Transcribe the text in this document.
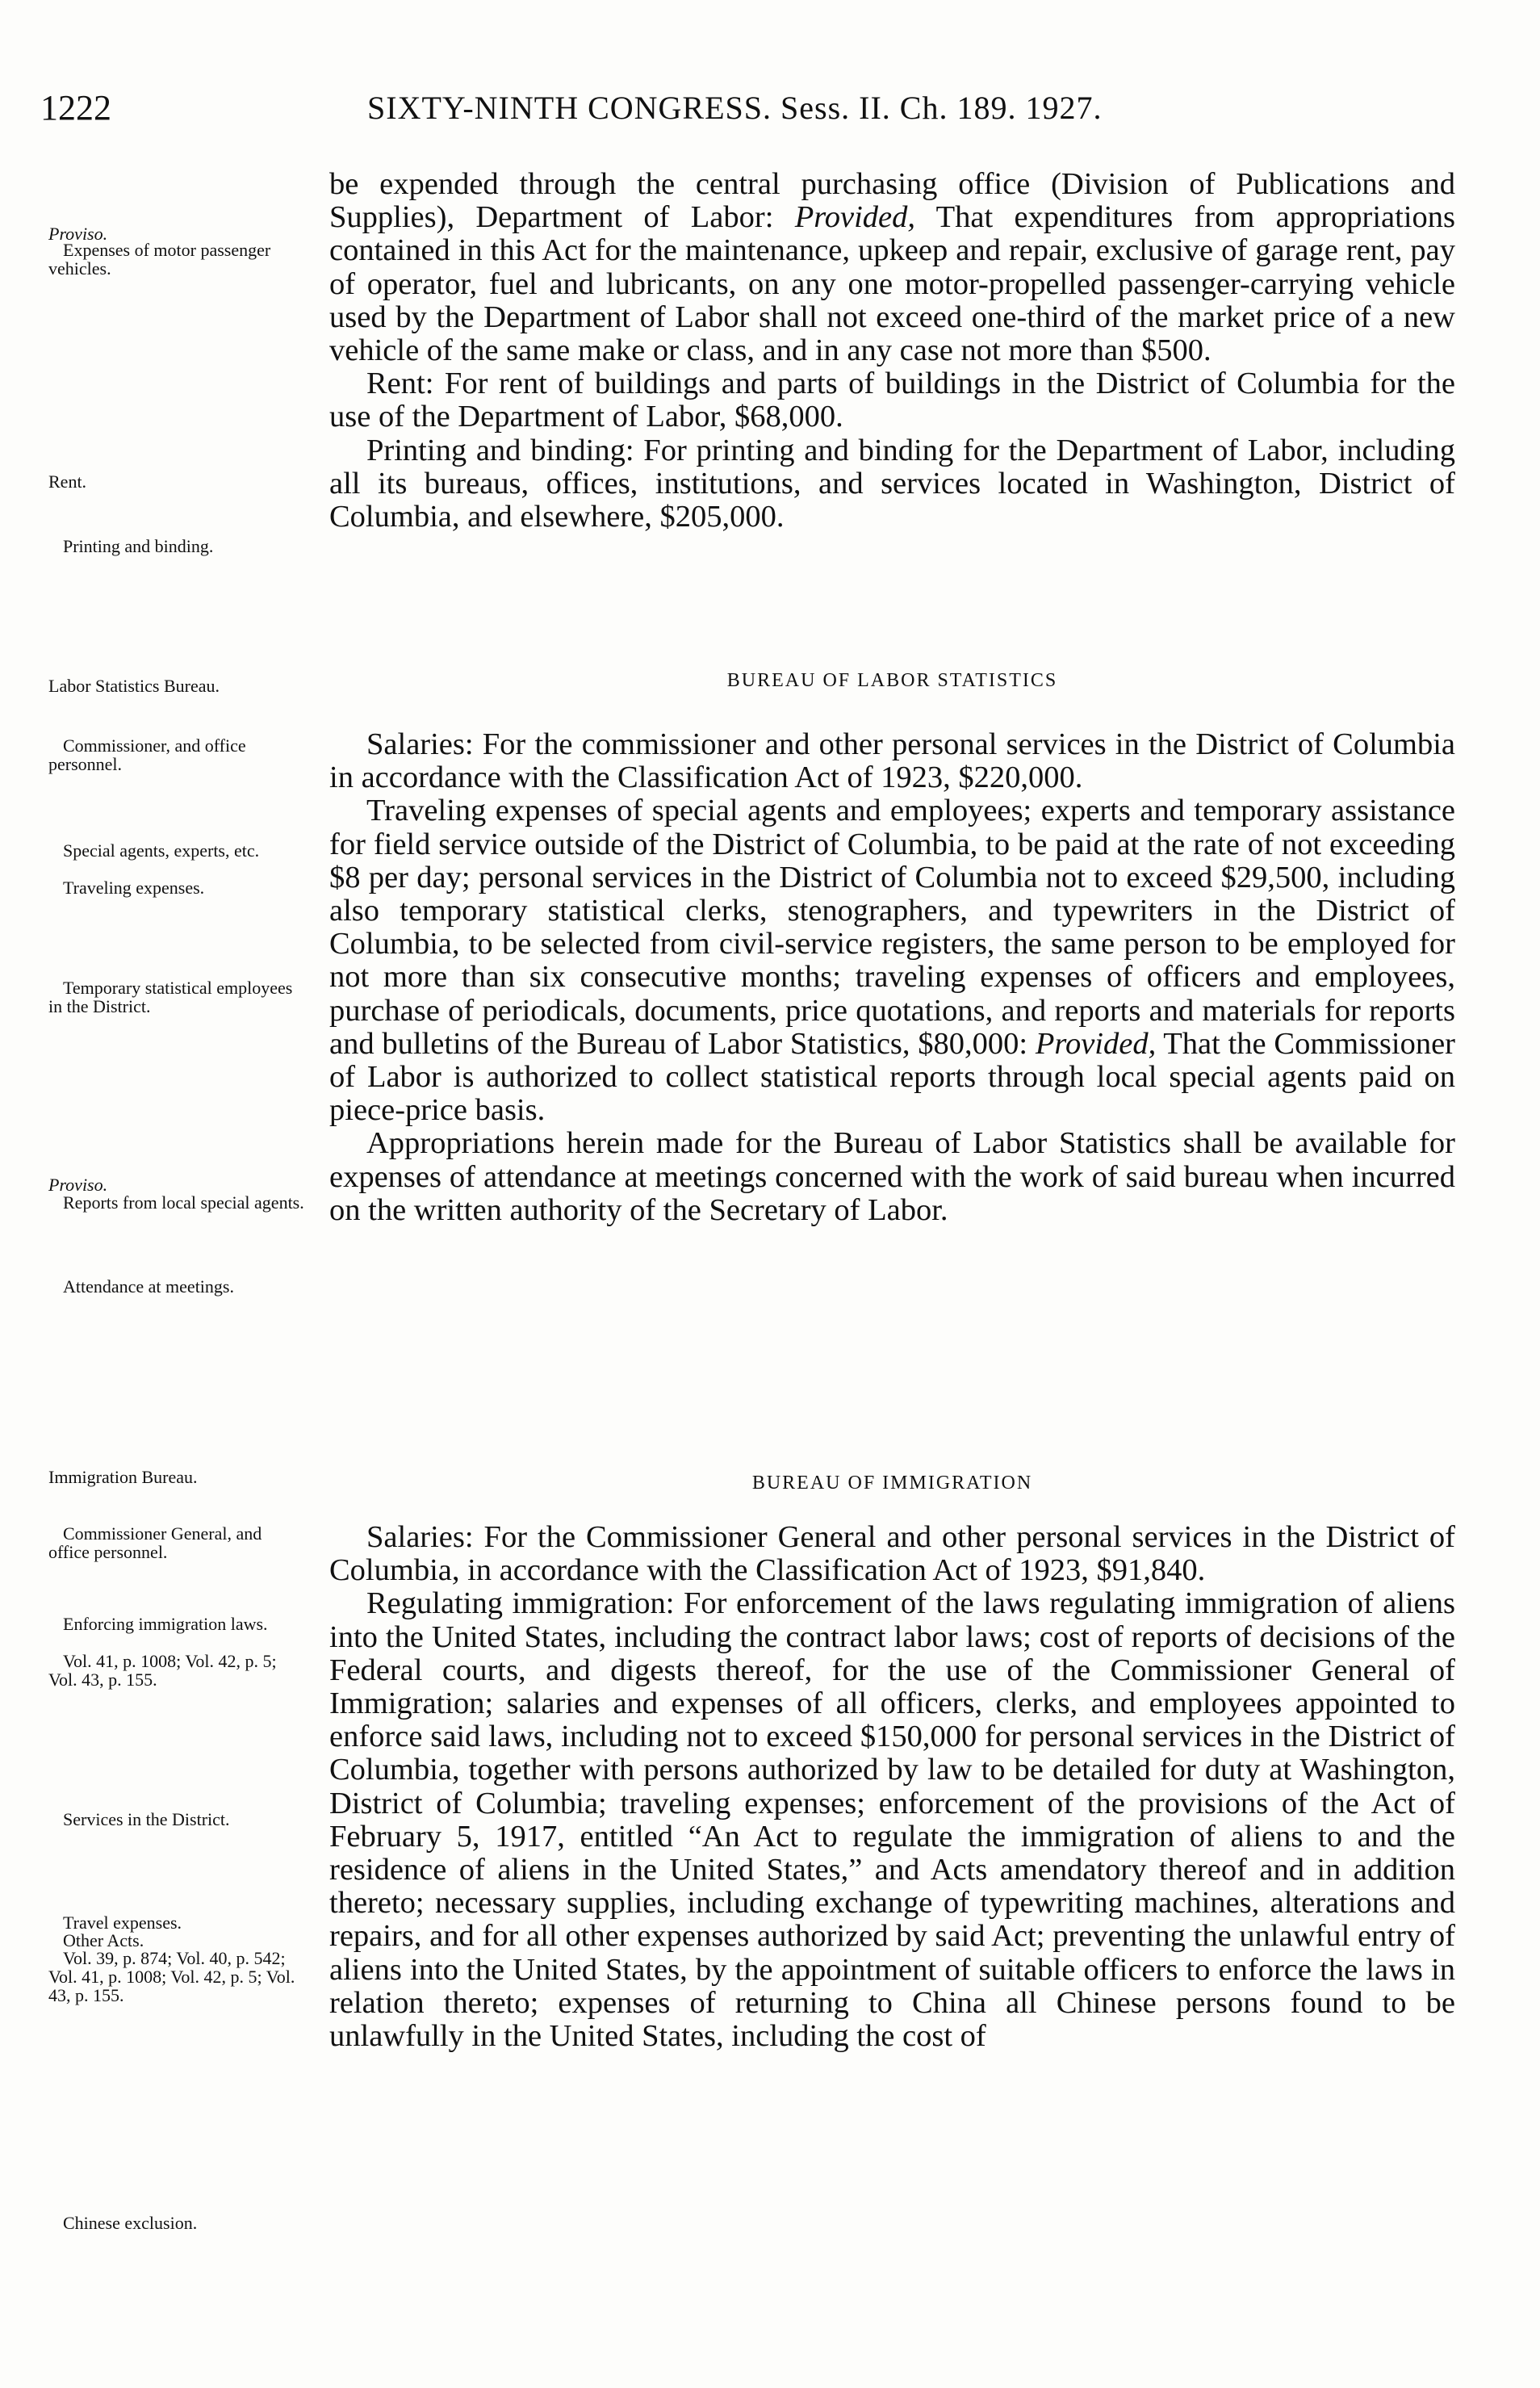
1222	SIXTY-NINTH CONGRESS. Sess. II. Ch. 189. 1927.
Proviso.
Expenses of motor passenger vehicles.
Rent.
Printing and binding.
Labor Statistics Bureau.
Commissioner, and office personnel.
Special agents, experts, etc.
Traveling expenses.
Temporary statistical employees in the District.
Proviso.
Reports from local special agents.
Attendance at meetings.
Immigration Bureau.
Commissioner General, and office personnel.
Enforcing immigration laws.
Vol. 41, p. 1008; Vol. 42, p. 5; Vol. 43, p. 155.
Services in the District.
Travel expenses.
Other Acts.
Vol. 39, p. 874; Vol. 40, p. 542; Vol. 41, p. 1008; Vol. 42, p. 5; Vol. 43, p. 155.
Chinese exclusion.

be expended through the central purchasing office (Division of Publications and Supplies), Department of Labor: Provided, That expenditures from appropriations contained in this Act for the maintenance, upkeep and repair, exclusive of garage rent, pay of operator, fuel and lubricants, on any one motor-propelled passenger-carrying vehicle used by the Department of Labor shall not exceed one-third of the market price of a new vehicle of the same make or class, and in any case not more than $500.

Rent: For rent of buildings and parts of buildings in the District of Columbia for the use of the Department of Labor, $68,000.

Printing and binding: For printing and binding for the Department of Labor, including all its bureaus, offices, institutions, and services located in Washington, District of Columbia, and elsewhere, $205,000.

BUREAU OF LABOR STATISTICS

Salaries: For the commissioner and other personal services in the District of Columbia in accordance with the Classification Act of 1923, $220,000.

Traveling expenses of special agents and employees; experts and temporary assistance for field service outside of the District of Columbia, to be paid at the rate of not exceeding $8 per day; personal services in the District of Columbia not to exceed $29,500, including also temporary statistical clerks, stenographers, and typewriters in the District of Columbia, to be selected from civil-service registers, the same person to be employed for not more than six consecutive months; traveling expenses of officers and employees, purchase of periodicals, documents, price quotations, and reports and materials for reports and bulletins of the Bureau of Labor Statistics, $80,000: Provided, That the Commissioner of Labor is authorized to collect statistical reports through local special agents paid on piece-price basis.

Appropriations herein made for the Bureau of Labor Statistics shall be available for expenses of attendance at meetings concerned with the work of said bureau when incurred on the written authority of the Secretary of Labor.

BUREAU OF IMMIGRATION

Salaries: For the Commissioner General and other personal services in the District of Columbia, in accordance with the Classification Act of 1923, $91,840.

Regulating immigration: For enforcement of the laws regulating immigration of aliens into the United States, including the contract labor laws; cost of reports of decisions of the Federal courts, and digests thereof, for the use of the Commissioner General of Immigration; salaries and expenses of all officers, clerks, and employees appointed to enforce said laws, including not to exceed $150,000 for personal services in the District of Columbia, together with persons authorized by law to be detailed for duty at Washington, District of Columbia; traveling expenses; enforcement of the provisions of the Act of February 5, 1917, entitled “An Act to regulate the immigration of aliens to and the residence of aliens in the United States,” and Acts amendatory thereof and in addition thereto; necessary supplies, including exchange of typewriting machines, alterations and repairs, and for all other expenses authorized by said Act; preventing the unlawful entry of aliens into the United States, by the appointment of suitable officers to enforce the laws in relation thereto; expenses of returning to China all Chinese persons found to be unlawfully in the United States, including the cost of
